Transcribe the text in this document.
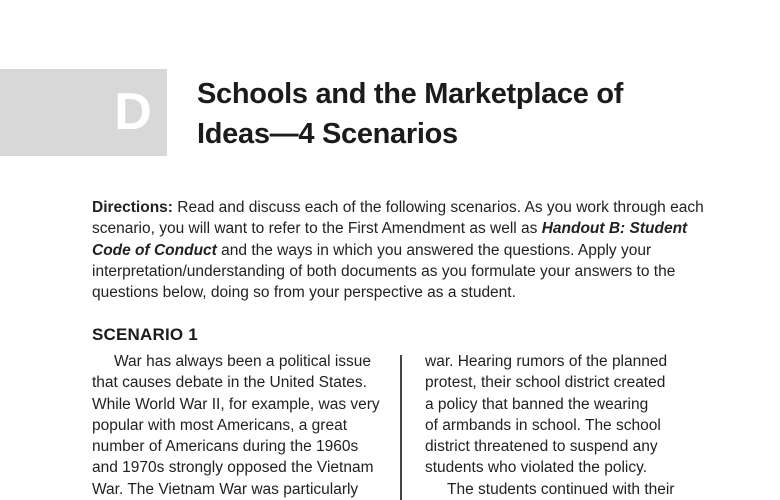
D Schools and the Marketplace of
Ideas—4 Scenarios
Directions: Read and discuss each of the following scenarios. As you work through each scenario, you will want to refer to the First Amendment as well as Handout B: Student Code of Conduct and the ways in which you answered the questions. Apply your interpretation/understanding of both documents as you formulate your answers to the questions below, doing so from your perspective as a student.
SCENARIO 1
War has always been a political issue
that causes debate in the United States.
While World War II, for example, was very
popular with most Americans, a great
number of Americans during the 1960s
and 1970s strongly opposed the Vietnam
War. The Vietnam War was particularly
war. Hearing rumors of the planned
protest, their school district created
a policy that banned the wearing
of armbands in school. The school
district threatened to suspend any
students who violated the policy.
The students continued with their
